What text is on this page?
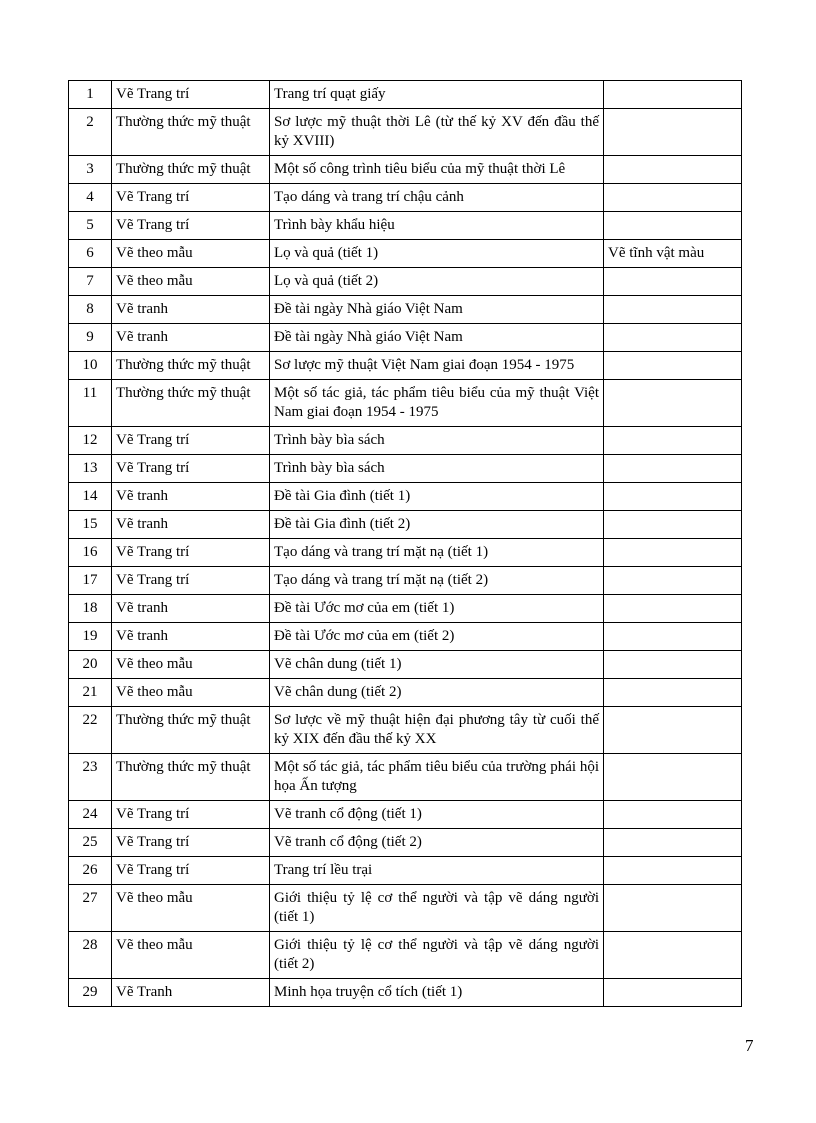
1	Vẽ Trang trí	Trang trí quạt giấy	
2	Thường thức mỹ thuật	Sơ lược mỹ thuật thời Lê (từ thế kỷ XV đến đầu thế kỷ XVIII)	
3	Thường thức mỹ thuật	Một số công trình tiêu biểu của mỹ thuật thời Lê	
4	Vẽ Trang trí	Tạo dáng và trang trí chậu cảnh	
5	Vẽ Trang trí	Trình bày khẩu hiệu	
6	Vẽ theo mẫu	Lọ và quả (tiết 1)	Vẽ tĩnh vật màu
7	Vẽ theo mẫu	Lọ và quả (tiết 2)	
8	Vẽ tranh	Đề tài ngày Nhà giáo Việt Nam	
9	Vẽ tranh	Đề tài ngày Nhà giáo Việt Nam	
10	Thường thức mỹ thuật	Sơ lược mỹ thuật Việt Nam giai đoạn 1954 - 1975	
11	Thường thức mỹ thuật	Một số tác giả, tác phẩm tiêu biểu của mỹ thuật Việt Nam giai đoạn 1954 - 1975	
12	Vẽ Trang trí	Trình bày bìa sách	
13	Vẽ Trang trí	Trình bày bìa sách	
14	Vẽ tranh	Đề tài Gia đình (tiết 1)	
15	Vẽ tranh	Đề tài Gia đình (tiết 2)	
16	Vẽ Trang trí	Tạo dáng và trang trí mặt nạ (tiết 1)	
17	Vẽ Trang trí	Tạo dáng và trang trí mặt nạ (tiết 2)	
18	Vẽ tranh	Đề tài Ước mơ của em (tiết 1)	
19	Vẽ tranh	Đề tài Ước mơ của em (tiết 2)	
20	Vẽ theo mẫu	Vẽ chân dung (tiết 1)	
21	Vẽ theo mẫu	Vẽ chân dung (tiết 2)	
22	Thường thức mỹ thuật	Sơ lược về mỹ thuật hiện đại phương tây từ cuối thế kỷ XIX đến đầu thế kỷ XX	
23	Thường thức mỹ thuật	Một số tác giả, tác phẩm tiêu biểu của trường phái hội họa Ấn tượng	
24	Vẽ Trang trí	Vẽ tranh cổ động (tiết 1)	
25	Vẽ Trang trí	Vẽ tranh cổ động (tiết 2)	
26	Vẽ Trang trí	Trang trí lều trại	
27	Vẽ theo mẫu	Giới thiệu tỷ lệ cơ thể người và tập vẽ dáng người (tiết 1)	
28	Vẽ theo mẫu	Giới thiệu tỷ lệ cơ thể người và tập vẽ dáng người (tiết 2)	
29	Vẽ Tranh	Minh họa truyện cổ tích (tiết 1)	
7
